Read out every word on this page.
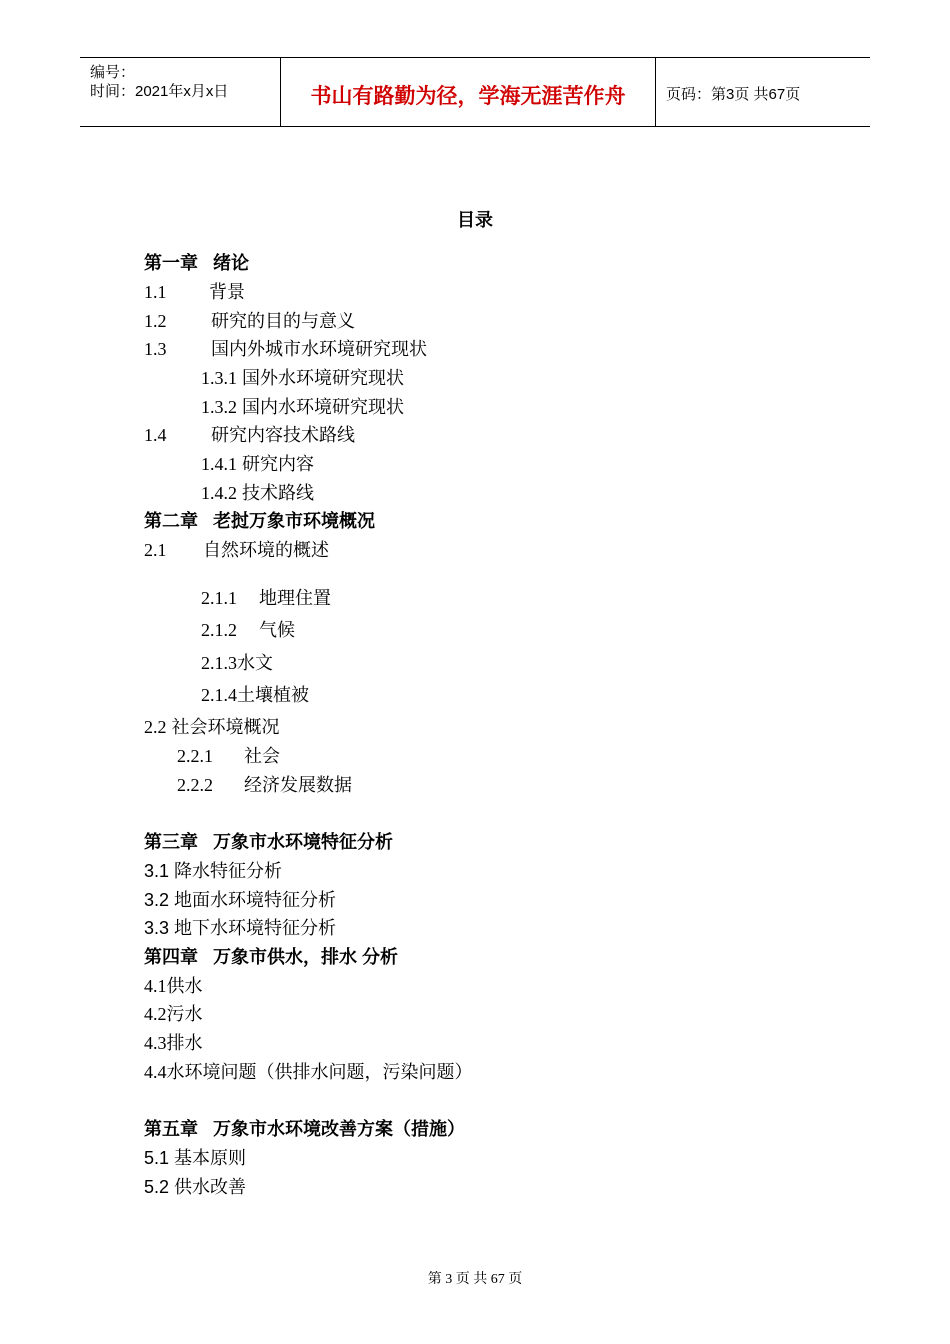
编号：
时间：2021年x月x日	书山有路勤为径，学海无涯苦作舟	页码：第3页 共67页
目录
第一章 绪论
1.1 背景
1.2 研究的目的与意义
1.3 国内外城市水环境研究现状
1.3.1 国外水环境研究现状
1.3.2 国内水环境研究现状
1.4 研究内容技术路线
1.4.1 研究内容
1.4.2 技术路线
第二章 老挝万象市环境概况
2.1 自然环境的概述
2.1.1 地理住置
2.1.2 气候
2.1.3水文
2.1.4土壤植被
2.2 社会环境概况
2.2.1 社会
2.2.2 经济发展数据
第三章 万象市水环境特征分析
3.1 降水特征分析
3.2 地面水环境特征分析
3.3 地下水环境特征分析
第四章 万象市供水，排水 分析
4.1供水
4.2污水
4.3排水
4.4水环境问题（供排水问题，污染问题）
第五章 万象市水环境改善方案（措施）
5.1 基本原则
5.2 供水改善
第 3 页 共 67 页
